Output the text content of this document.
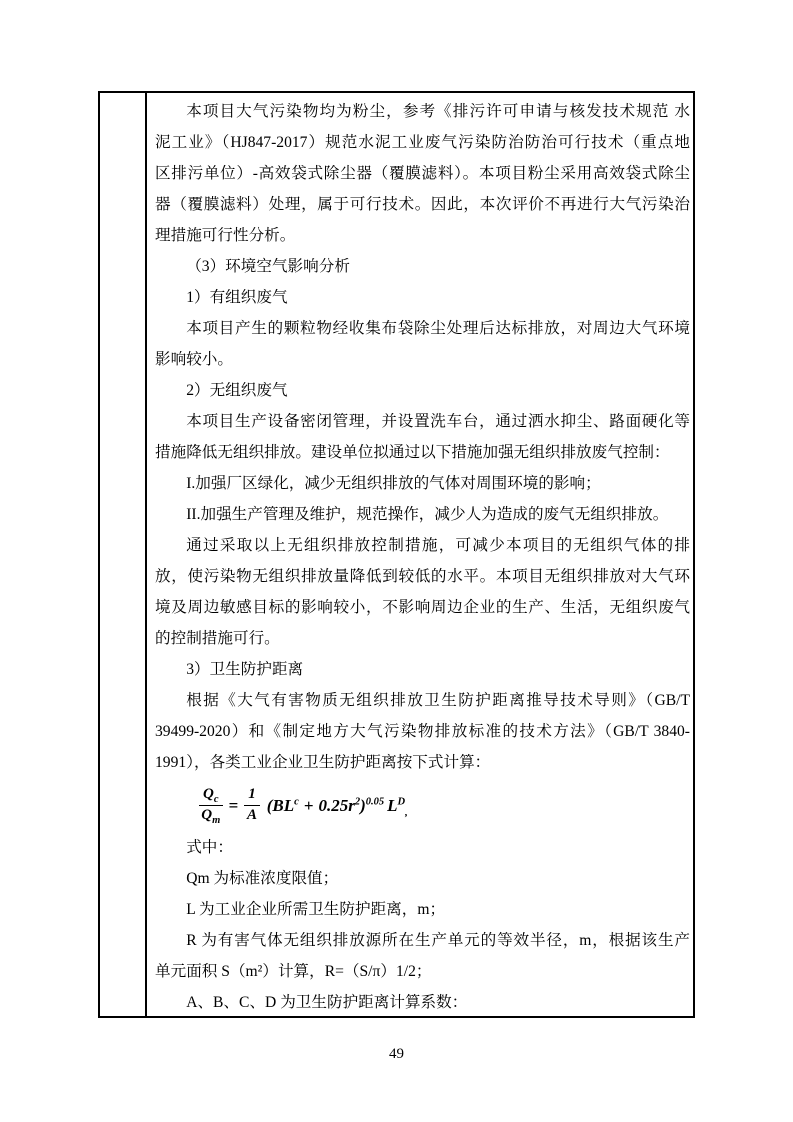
本项目大气污染物均为粉尘，参考《排污许可申请与核发技术规范 水
泥工业》（HJ847-2017）规范水泥工业废气污染防治防治可行技术（重点地
区排污单位）-高效袋式除尘器（覆膜滤料）。本项目粉尘采用高效袋式除尘
器（覆膜滤料）处理，属于可行技术。因此，本次评价不再进行大气污染治
理措施可行性分析。
（3）环境空气影响分析
1）有组织废气
本项目产生的颗粒物经收集布袋除尘处理后达标排放，对周边大气环境
影响较小。
2）无组织废气
本项目生产设备密闭管理，并设置洗车台，通过洒水抑尘、路面硬化等
措施降低无组织排放。建设单位拟通过以下措施加强无组织排放废气控制：
I.加强厂区绿化，减少无组织排放的气体对周围环境的影响；
II.加强生产管理及维护，规范操作，减少人为造成的废气无组织排放。
通过采取以上无组织排放控制措施，可减少本项目的无组织气体的排
放，使污染物无组织排放量降低到较低的水平。本项目无组织排放对大气环
境及周边敏感目标的影响较小，不影响周边企业的生产、生活，无组织废气
的控制措施可行。
3）卫生防护距离
根据《大气有害物质无组织排放卫生防护距离推导技术导则》（GB/T
39499-2020）和《制定地方大气污染物排放标准的技术方法》（GB/T 3840-
1991），各类工业企业卫生防护距离按下式计算：
$\frac{Q_c}{Q_m} = \frac{1}{A} (BL^c + 0.25r^2)^{0.05}$ $L^D_,$
式中：
Qm 为标准浓度限值；
L 为工业企业所需卫生防护距离，m；
R 为有害气体无组织排放源所在生产单元的等效半径，m，根据该生产
单元面积 S（m²）计算，R=（S/π）1/2；
A、B、C、D 为卫生防护距离计算系数：
49
